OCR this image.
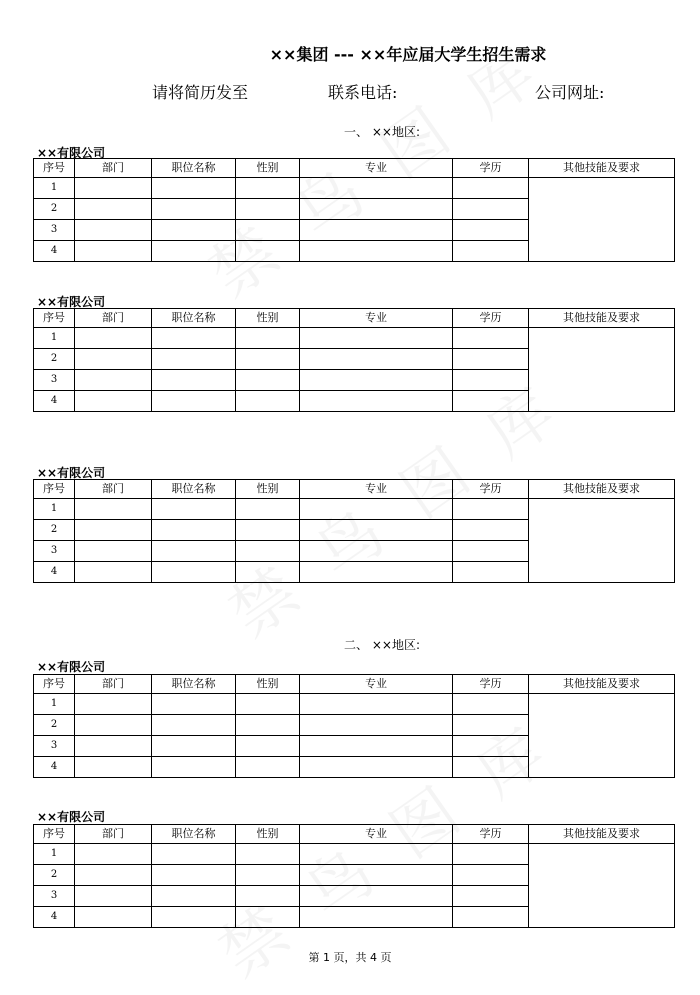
××集团 --- ××年应届大学生招生需求
请将简历发至	联系电话:	公司网址:
一、 ××地区:
二、 ××地区:
××有限公司
××有限公司
××有限公司
××有限公司
××有限公司
序号	部门	职位名称	性别	专业	学历	其他技能及要求
1						
2						
3						
4						
序号	部门	职位名称	性别	专业	学历	其他技能及要求
1						
2						
3						
4						
序号	部门	职位名称	性别	专业	学历	其他技能及要求
1						
2						
3						
4						
序号	部门	职位名称	性别	专业	学历	其他技能及要求
1						
2						
3						
4						
序号	部门	职位名称	性别	专业	学历	其他技能及要求
1						
2						
3						
4						
第 1 页，共 4 页
